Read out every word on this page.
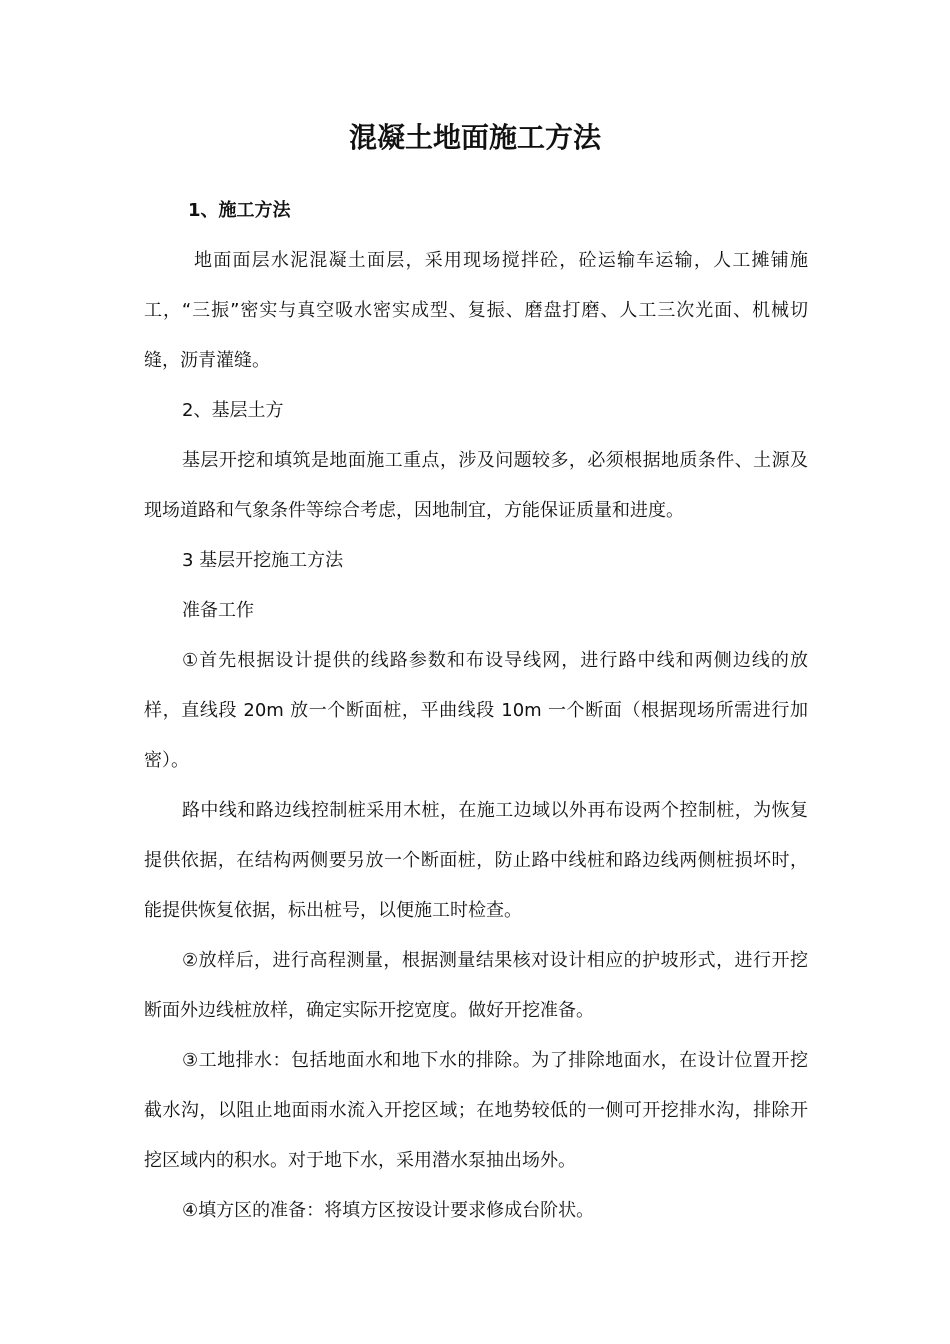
混凝土地面施工方法

1、施工方法

地面面层水泥混凝土面层，采用现场搅拌砼，砼运输车运输，人工摊铺施工，“三振”密实与真空吸水密实成型、复振、磨盘打磨、人工三次光面、机械切缝，沥青灌缝。

2、基层土方

基层开挖和填筑是地面施工重点，涉及问题较多，必须根据地质条件、土源及现场道路和气象条件等综合考虑，因地制宜，方能保证质量和进度。

3 基层开挖施工方法

准备工作

①首先根据设计提供的线路参数和布设导线网，进行路中线和两侧边线的放样，直线段 20m 放一个断面桩，平曲线段 10m 一个断面（根据现场所需进行加密）。

路中线和路边线控制桩采用木桩，在施工边域以外再布设两个控制桩，为恢复提供依据，在结构两侧要另放一个断面桩，防止路中线桩和路边线两侧桩损坏时，能提供恢复依据，标出桩号，以便施工时检查。

②放样后，进行高程测量，根据测量结果核对设计相应的护坡形式，进行开挖断面外边线桩放样，确定实际开挖宽度。做好开挖准备。

③工地排水：包括地面水和地下水的排除。为了排除地面水，在设计位置开挖截水沟，以阻止地面雨水流入开挖区域；在地势较低的一侧可开挖排水沟，排除开挖区域内的积水。对于地下水，采用潜水泵抽出场外。

④填方区的准备：将填方区按设计要求修成台阶状。
